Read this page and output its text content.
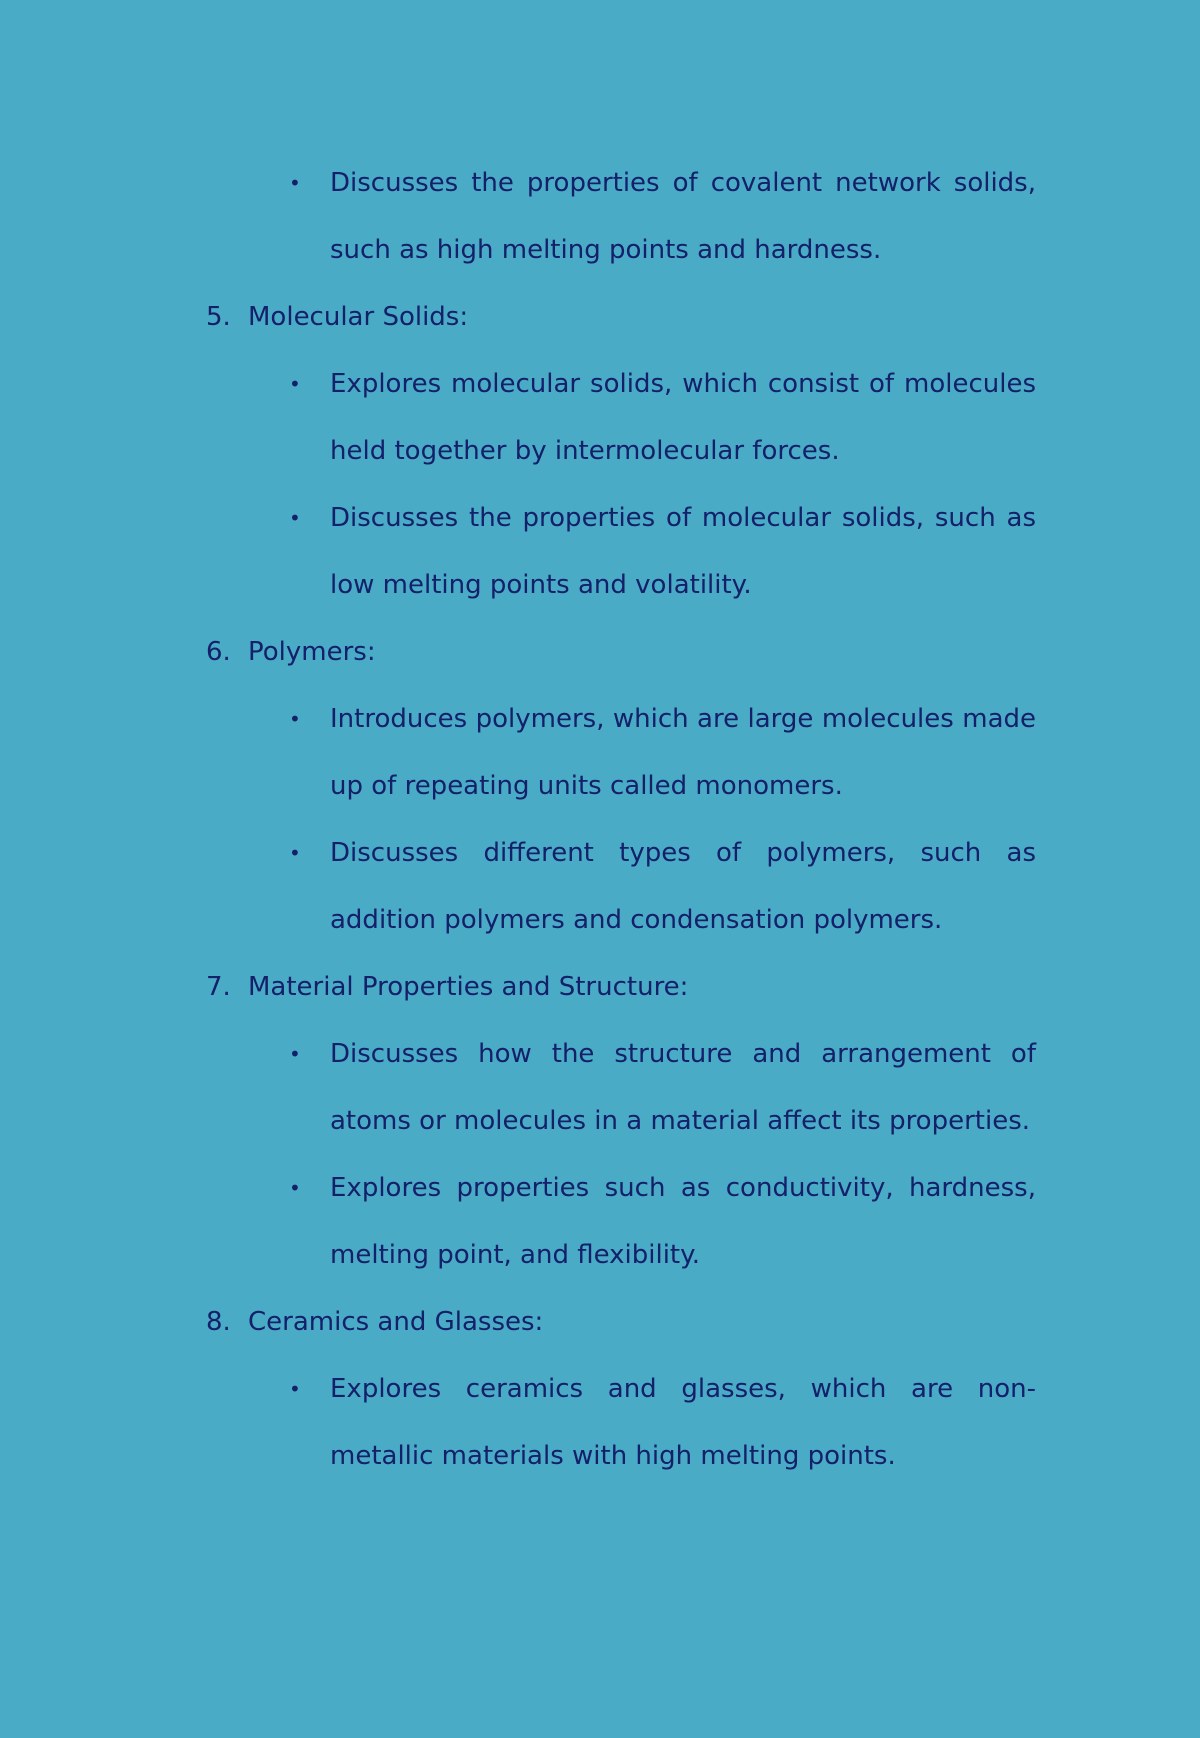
•	Discusses the properties of covalent network solids, such as high melting points and hardness.
5. Molecular Solids:
•	Explores molecular solids, which consist of molecules held together by intermolecular forces.
•	Discusses the properties of molecular solids, such as low melting points and volatility.
6. Polymers:
•	Introduces polymers, which are large molecules made up of repeating units called monomers.
•	Discusses different types of polymers, such as addition polymers and condensation polymers.
7. Material Properties and Structure:
•	Discusses how the structure and arrangement of atoms or molecules in a material affect its properties.
•	Explores properties such as conductivity, hardness, melting point, and flexibility.
8. Ceramics and Glasses:
•	Explores ceramics and glasses, which are non-metallic materials with high melting points.
